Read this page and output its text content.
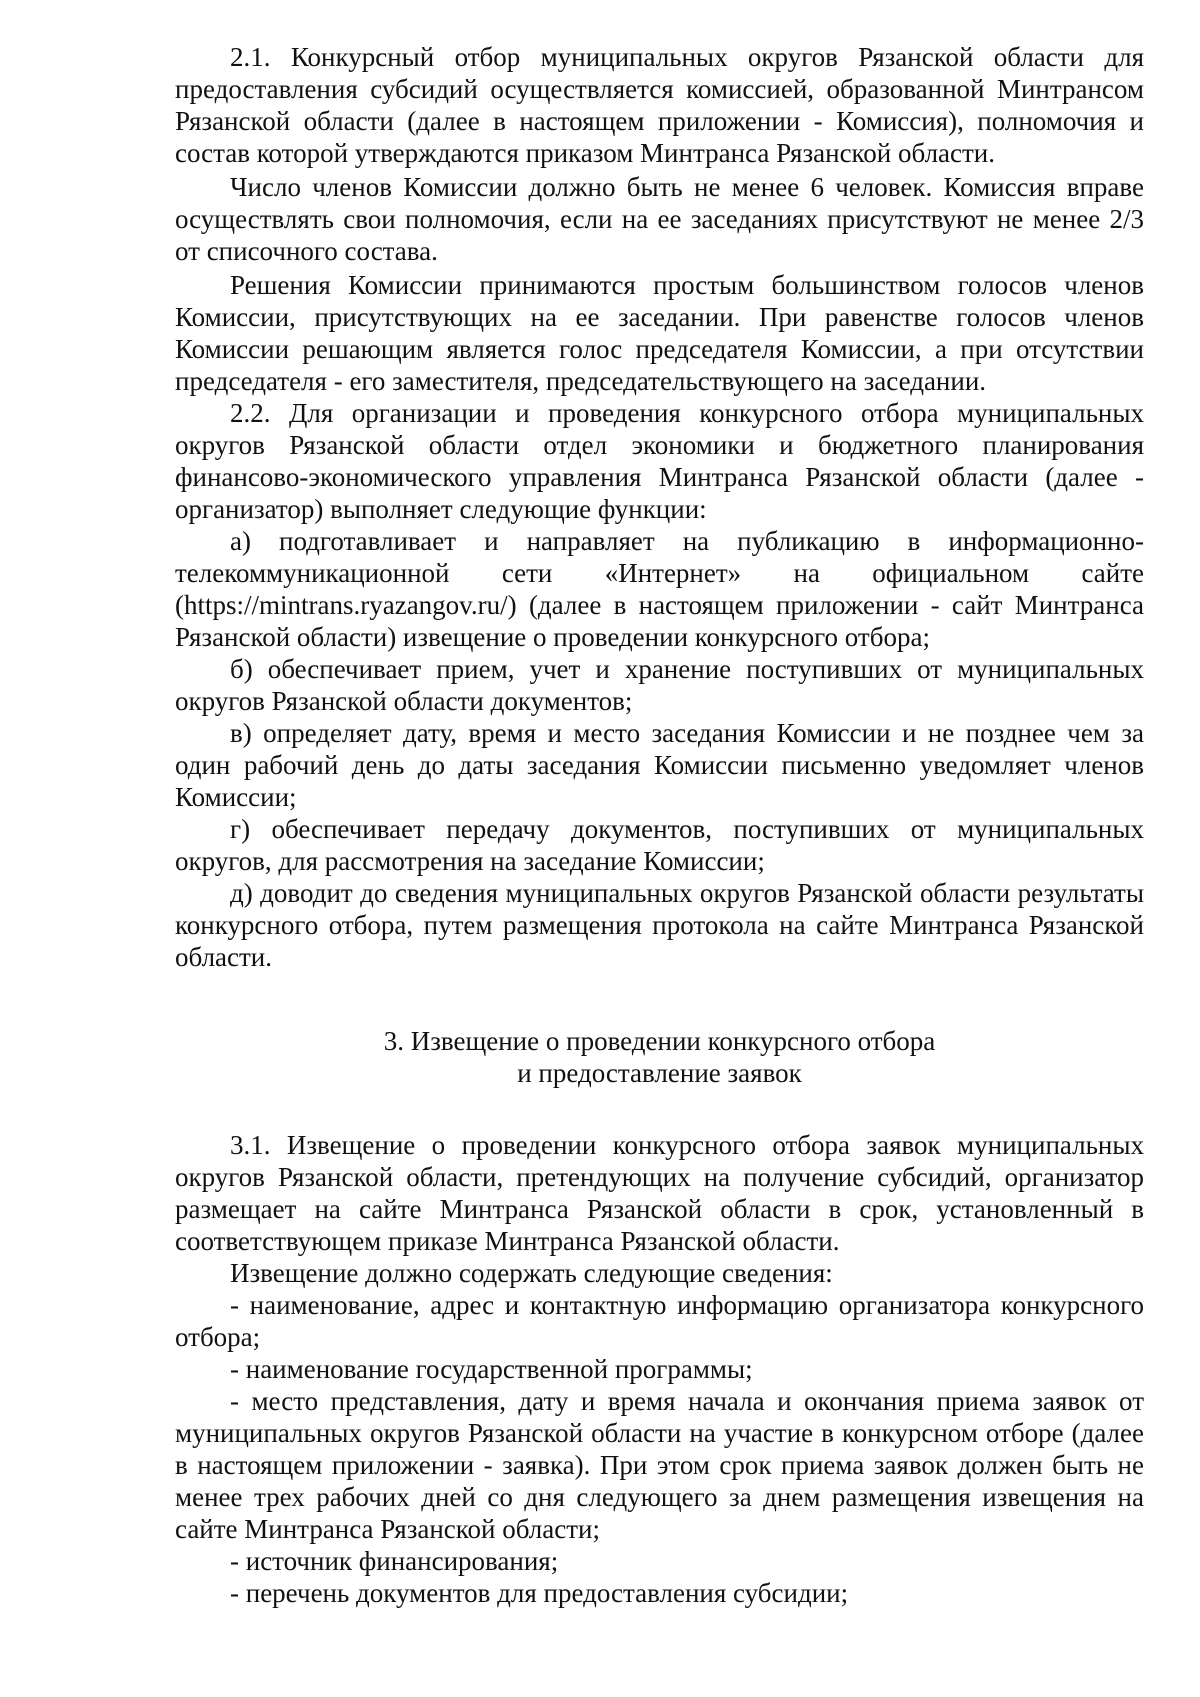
2.1. Конкурсный отбор муниципальных округов Рязанской области для предоставления субсидий осуществляется комиссией, образованной Минтрансом Рязанской области (далее в настоящем приложении - Комиссия), полномочия и состав которой утверждаются приказом Минтранса Рязанской области.

Число членов Комиссии должно быть не менее 6 человек. Комиссия вправе осуществлять свои полномочия, если на ее заседаниях присутствуют не менее 2/3 от списочного состава.

Решения Комиссии принимаются простым большинством голосов членов Комиссии, присутствующих на ее заседании. При равенстве голосов членов Комиссии решающим является голос председателя Комиссии, а при отсутствии председателя - его заместителя, председательствующего на заседании.

2.2. Для организации и проведения конкурсного отбора муниципальных округов Рязанской области отдел экономики и бюджетного планирования финансово-экономического управления Минтранса Рязанской области (далее - организатор) выполняет следующие функции:

а) подготавливает и направляет на публикацию в информационно-телекоммуникационной сети «Интернет» на официальном сайте (https://mintrans.ryazangov.ru/) (далее в настоящем приложении - сайт Минтранса Рязанской области) извещение о проведении конкурсного отбора;

б) обеспечивает прием, учет и хранение поступивших от муниципальных округов Рязанской области документов;

в) определяет дату, время и место заседания Комиссии и не позднее чем за один рабочий день до даты заседания Комиссии письменно уведомляет членов Комиссии;

г) обеспечивает передачу документов, поступивших от муниципальных округов, для рассмотрения на заседание Комиссии;

д) доводит до сведения муниципальных округов Рязанской области результаты конкурсного отбора, путем размещения протокола на сайте Минтранса Рязанской области.

3. Извещение о проведении конкурсного отбора
и предоставление заявок

3.1. Извещение о проведении конкурсного отбора заявок муниципальных округов Рязанской области, претендующих на получение субсидий, организатор размещает на сайте Минтранса Рязанской области в срок, установленный в соответствующем приказе Минтранса Рязанской области.

Извещение должно содержать следующие сведения:

- наименование, адрес и контактную информацию организатора конкурсного отбора;

- наименование государственной программы;

- место представления, дату и время начала и окончания приема заявок от муниципальных округов Рязанской области на участие в конкурсном отборе (далее в настоящем приложении - заявка). При этом срок приема заявок должен быть не менее трех рабочих дней со дня следующего за днем размещения извещения на сайте Минтранса Рязанской области;

- источник финансирования;

- перечень документов для предоставления субсидии;
